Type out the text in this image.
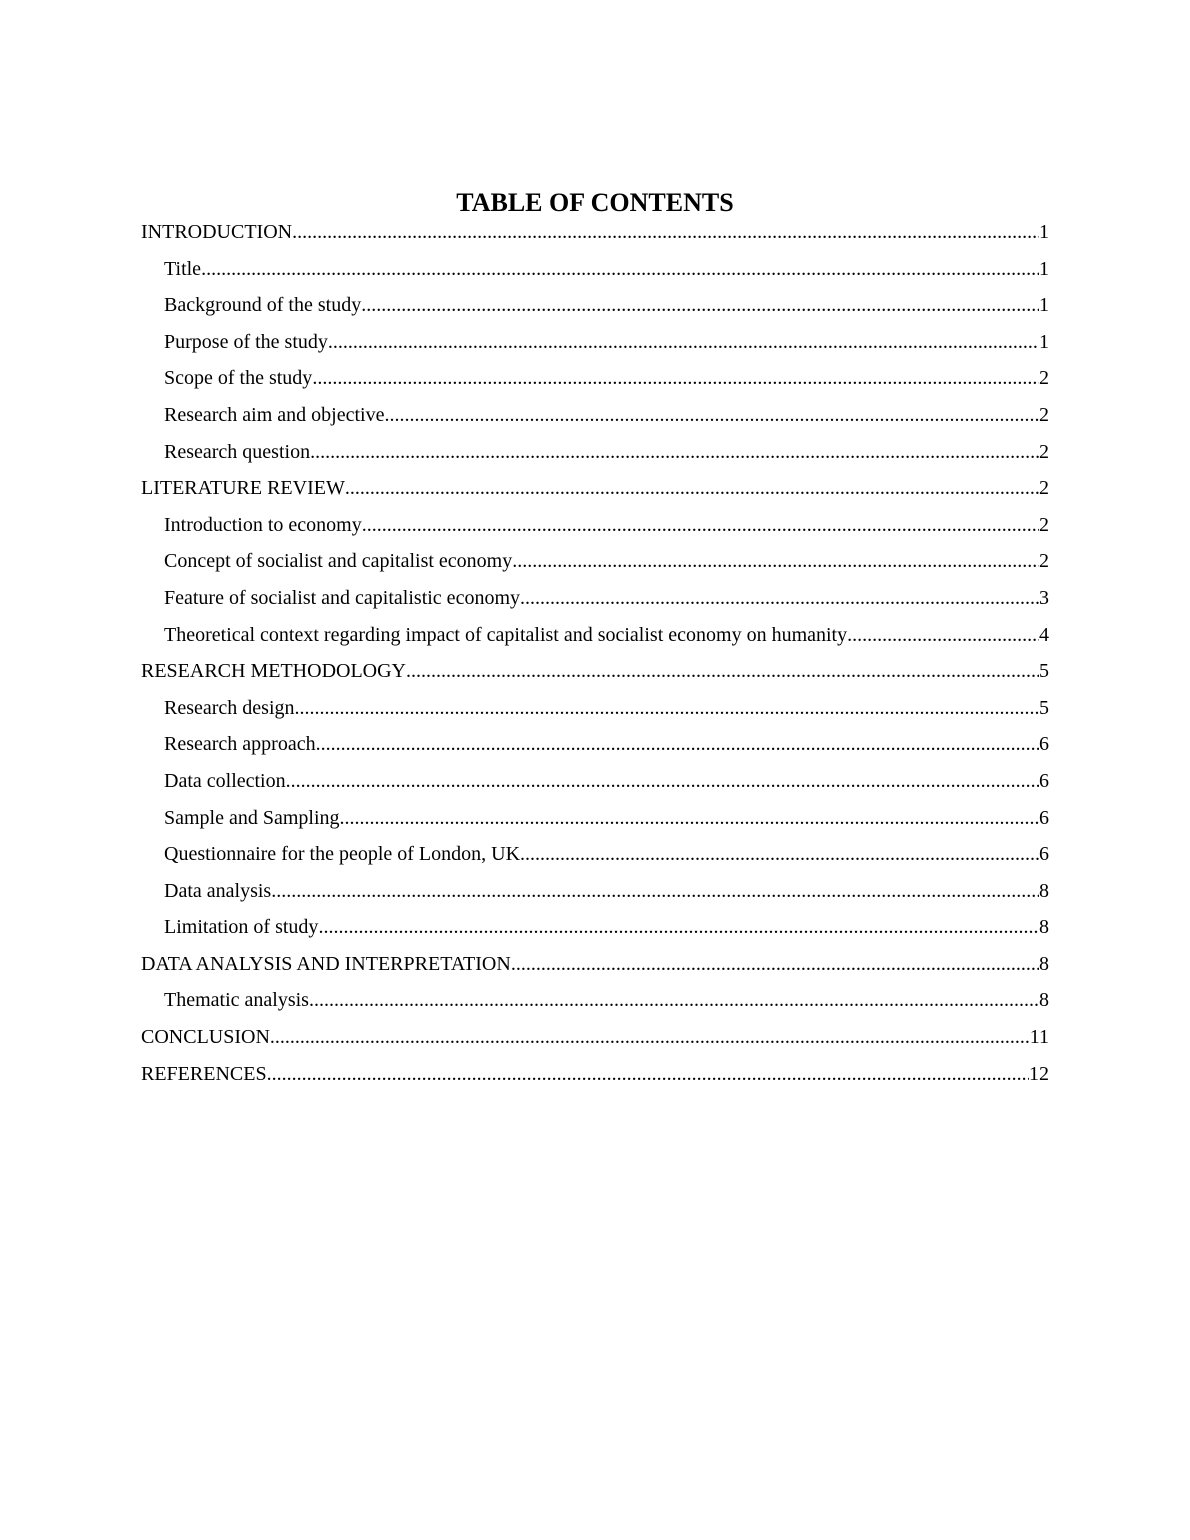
TABLE OF CONTENTS
INTRODUCTION .....	1
Title .....	1
Background of the study .....	1
Purpose of the study .....	1
Scope of the study .....	2
Research aim and objective .....	2
Research question .....	2
LITERATURE REVIEW .....	2
Introduction to economy .....	2
Concept of socialist and capitalist economy .....	2
Feature of socialist and capitalistic economy .....	3
Theoretical context regarding impact of capitalist and socialist economy on humanity .....	4
RESEARCH METHODOLOGY .....	5
Research design .....	5
Research approach .....	6
Data collection .....	6
Sample and Sampling .....	6
Questionnaire for the people of London, UK .....	6
Data analysis .....	8
Limitation of study .....	8
DATA ANALYSIS AND INTERPRETATION .....	8
Thematic analysis .....	8
CONCLUSION .....	11
REFERENCES .....	12
